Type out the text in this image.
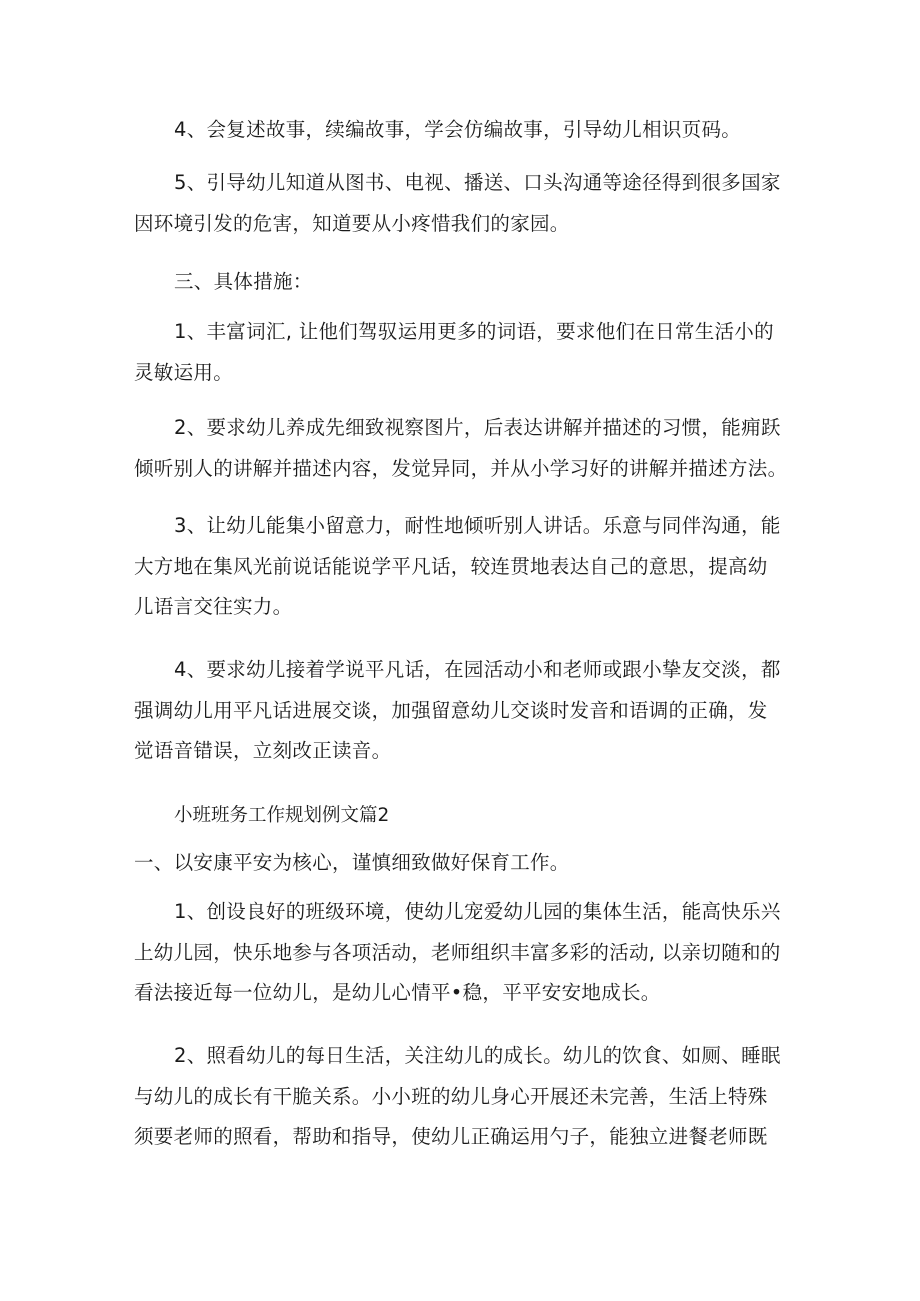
4、会复述故事，续编故事，学会仿编故事，引导幼儿相识页码。

5、引导幼儿知道从图书、电视、播送、口头沟通等途径得到很多国家
因环境引发的危害，知道要从小疼惜我们的家园。

三、具体措施：

1、丰富词汇, 让他们驾驭运用更多的词语，要求他们在日常生活小的
灵敏运用。

2、要求幼儿养成先细致视察图片，后表达讲解并描述的习惯，能痈跃
倾听别人的讲解并描述内容，发觉异同，并从小学习好的讲解并描述方法。

3、让幼儿能集小留意力，耐性地倾听别人讲话。乐意与同伴沟通，能
大方地在集风光前说话能说学平凡话，较连贯地表达自己的意思，提高幼
儿语言交往实力。

4、要求幼儿接着学说平凡话，在园活动小和老师或跟小挚友交淡，都
强调幼儿用平凡话进展交谈，加强留意幼儿交谈时发音和语调的正确，发
觉语音错误，立刻改正读音。

小班班务工作规划例文篇2

一、以安康平安为核心，谨慎细致做好保育工作。

1、创设良好的班级环境，使幼儿宠爱幼儿园的集体生活，能高快乐兴
上幼儿园，快乐地参与各项活动，老师组织丰富多彩的活动, 以亲切随和的
看法接近每一位幼儿，是幼儿心情平•稳，平平安安地成长。

2、照看幼儿的每日生活，关注幼儿的成长。幼儿的饮食、如厕、睡眠
与幼儿的成长有干脆关系。小小班的幼儿身心开展还未完善，生活上特殊
须要老师的照看，帮助和指导，使幼儿正确运用勺子，能独立进餐老师既
